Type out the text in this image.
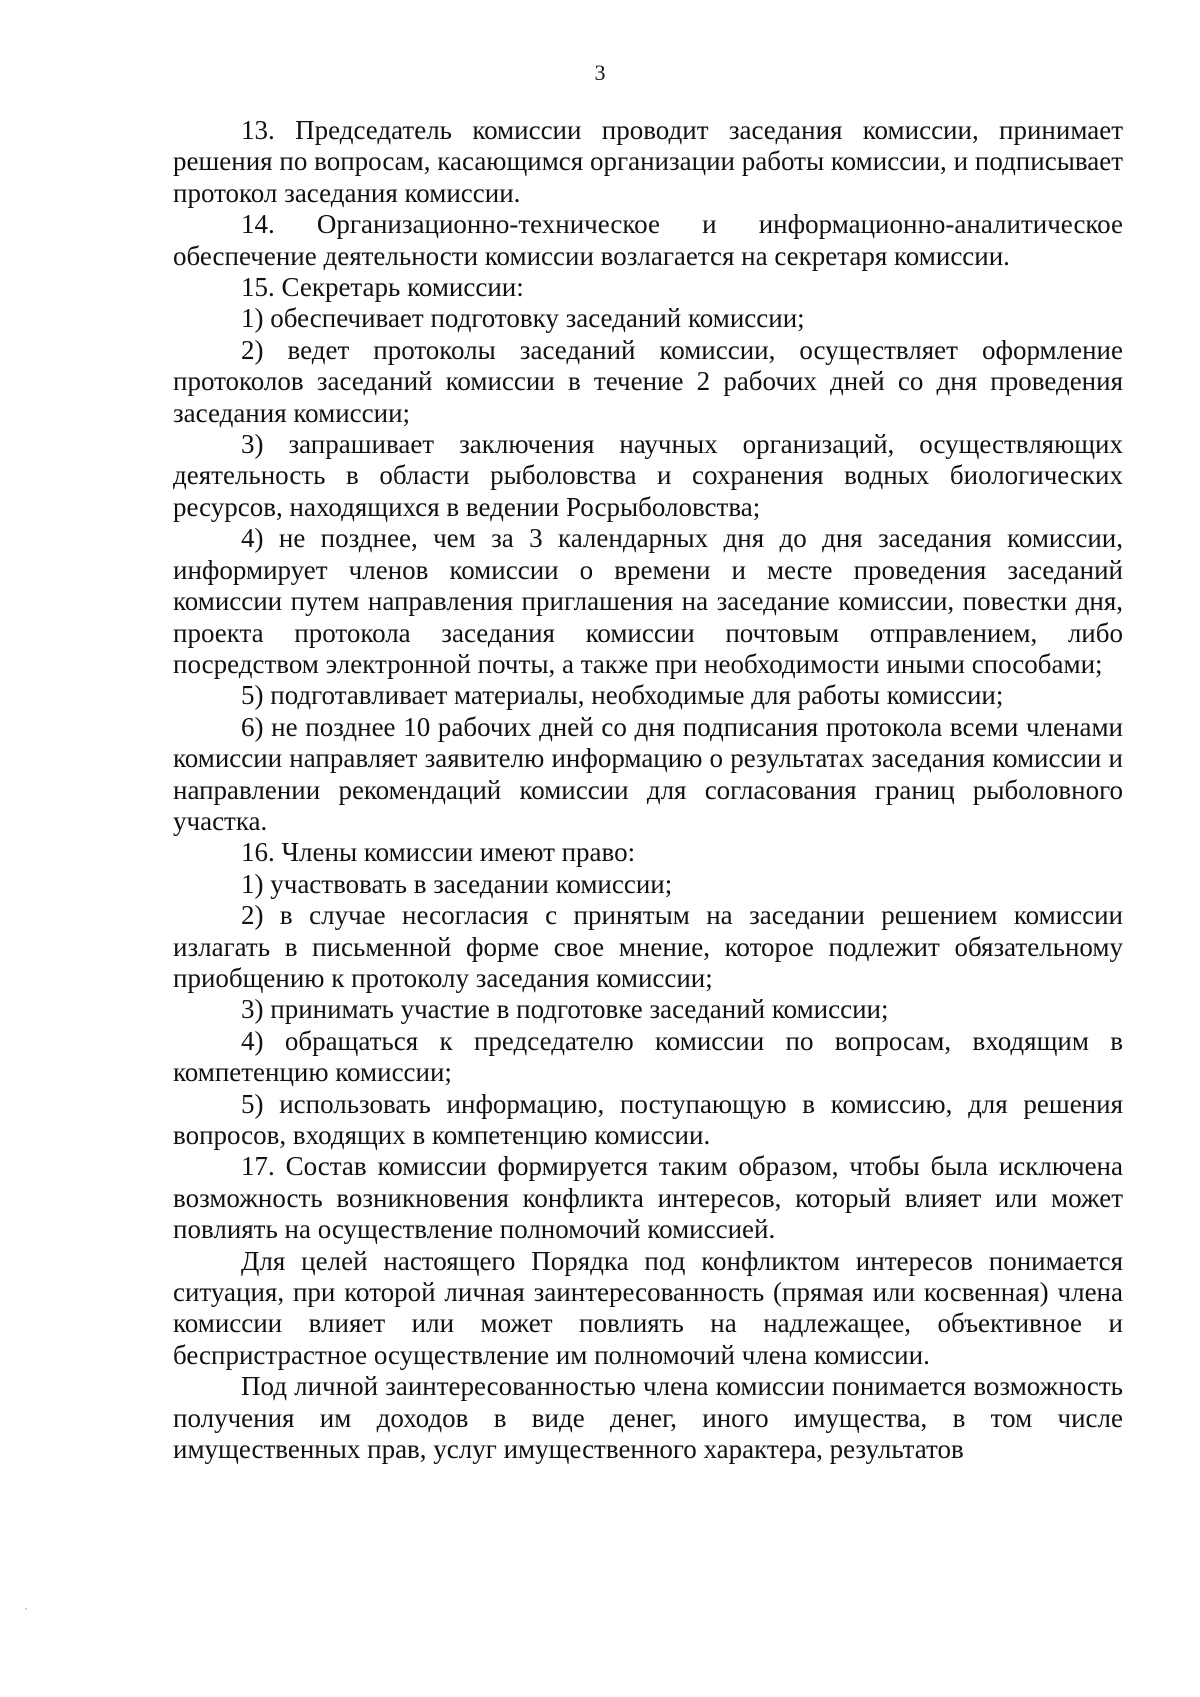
3

13. Председатель комиссии проводит заседания комиссии, принимает решения по вопросам, касающимся организации работы комиссии, и подписывает протокол заседания комиссии.

14. Организационно-техническое и информационно-аналитическое обеспечение деятельности комиссии возлагается на секретаря комиссии.

15. Секретарь комиссии:

1) обеспечивает подготовку заседаний комиссии;

2) ведет протоколы заседаний комиссии, осуществляет оформление протоколов заседаний комиссии в течение 2 рабочих дней со дня проведения заседания комиссии;

3) запрашивает заключения научных организаций, осуществляющих деятельность в области рыболовства и сохранения водных биологических ресурсов, находящихся в ведении Росрыболовства;

4) не позднее, чем за 3 календарных дня до дня заседания комиссии, информирует членов комиссии о времени и месте проведения заседаний комиссии путем направления приглашения на заседание комиссии, повестки дня, проекта протокола заседания комиссии почтовым отправлением, либо посредством электронной почты, а также при необходимости иными способами;

5) подготавливает материалы, необходимые для работы комиссии;

6) не позднее 10 рабочих дней со дня подписания протокола всеми членами комиссии направляет заявителю информацию о результатах заседания комиссии и направлении рекомендаций комиссии для согласования границ рыболовного участка.

16. Члены комиссии имеют право:

1) участвовать в заседании комиссии;

2) в случае несогласия с принятым на заседании решением комиссии излагать в письменной форме свое мнение, которое подлежит обязательному приобщению к протоколу заседания комиссии;

3) принимать участие в подготовке заседаний комиссии;

4) обращаться к председателю комиссии по вопросам, входящим в компетенцию комиссии;

5) использовать информацию, поступающую в комиссию, для решения вопросов, входящих в компетенцию комиссии.

17. Состав комиссии формируется таким образом, чтобы была исключена возможность возникновения конфликта интересов, который влияет или может повлиять на осуществление полномочий комиссией.

Для целей настоящего Порядка под конфликтом интересов понимается ситуация, при которой личная заинтересованность (прямая или косвенная) члена комиссии влияет или может повлиять на надлежащее, объективное и беспристрастное осуществление им полномочий члена комиссии.

Под личной заинтересованностью члена комиссии понимается возможность получения им доходов в виде денег, иного имущества, в том числе имущественных прав, услуг имущественного характера, результатов
